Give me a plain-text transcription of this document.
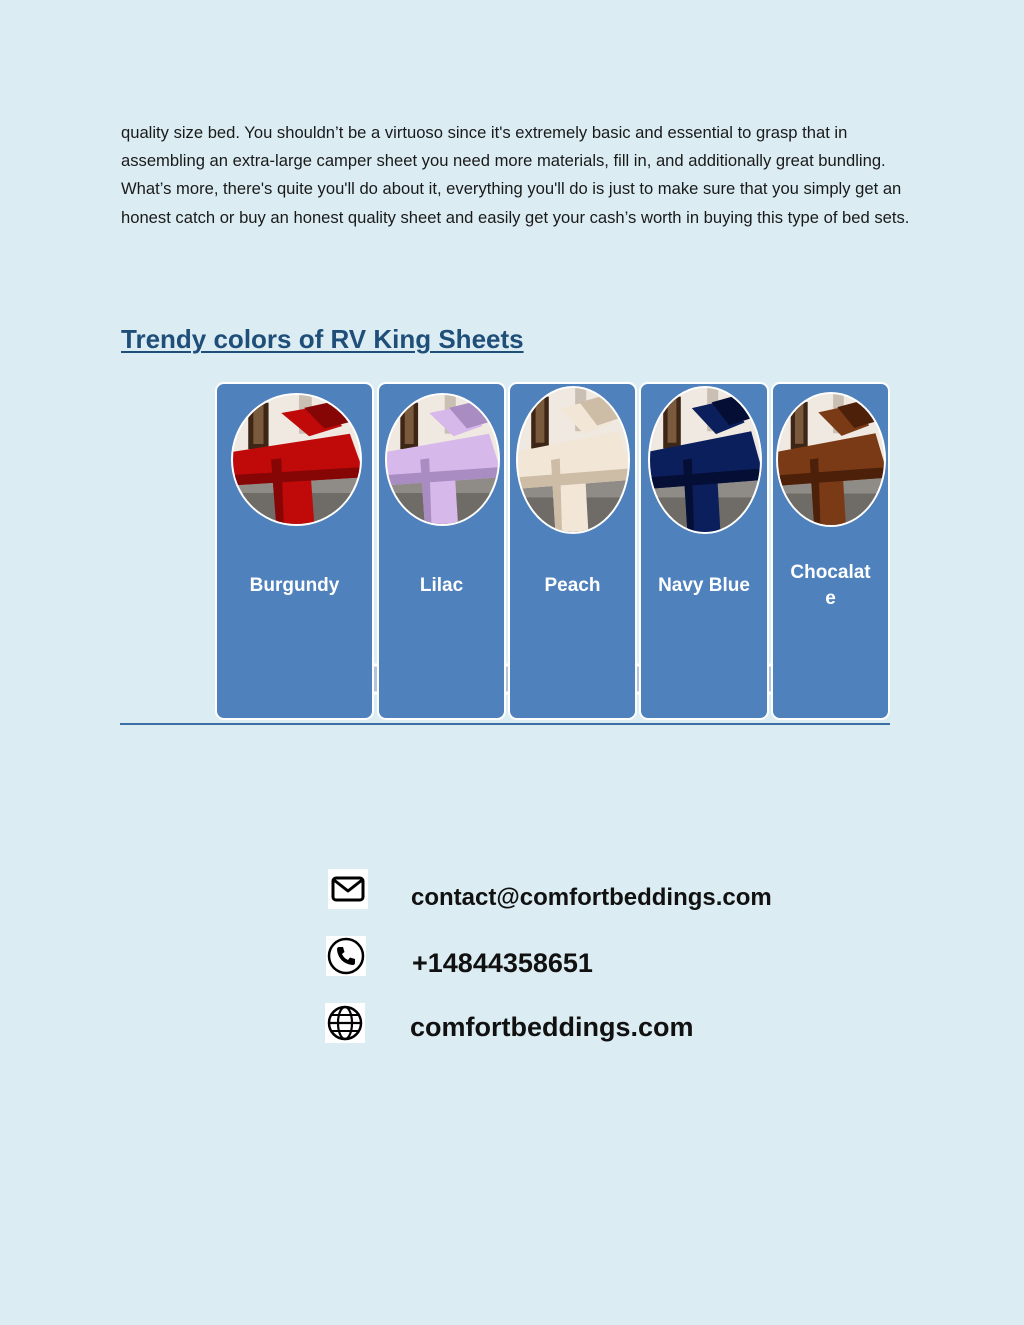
quality size bed. You shouldn’t be a virtuoso since it's extremely basic and essential to grasp that in assembling an extra-large camper sheet you need more materials, fill in, and additionally great bundling. What’s more, there's quite you'll do about it, everything you'll do is just to make sure that you simply get an honest catch or buy an honest quality sheet and easily get your cash’s worth in buying this type of bed sets.

Trendy colors of RV King Sheets
Burgundy	Lilac	Peach	Navy Blue
Chocalat
e
contact@comfortbeddings.com
+14844358651
comfortbeddings.com
